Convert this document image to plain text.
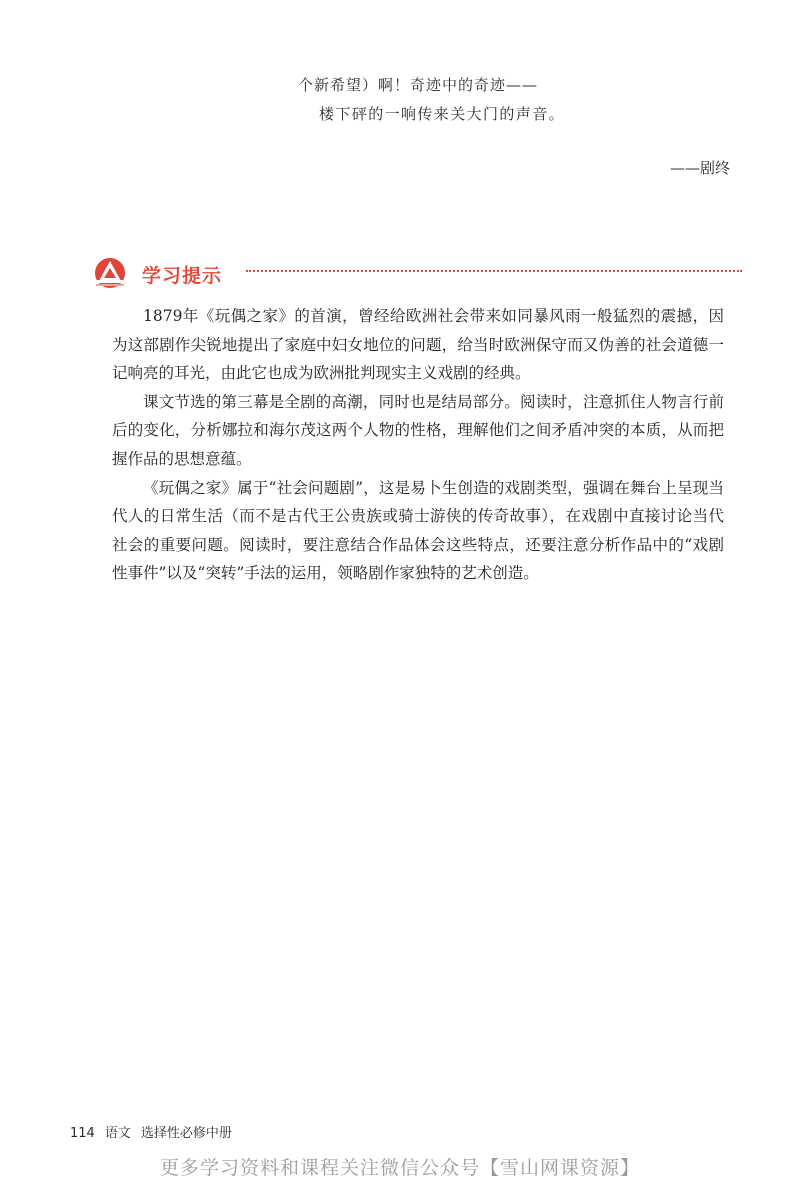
个新希望）啊！奇迹中的奇迹——
楼下砰的一响传来关大门的声音。
——剧终
学习提示

1879年《玩偶之家》的首演，曾经给欧洲社会带来如同暴风雨一般猛烈的震撼，因为这部剧作尖锐地提出了家庭中妇女地位的问题，给当时欧洲保守而又伪善的社会道德一记响亮的耳光，由此它也成为欧洲批判现实主义戏剧的经典。

课文节选的第三幕是全剧的高潮，同时也是结局部分。阅读时，注意抓住人物言行前后的变化，分析娜拉和海尔茂这两个人物的性格，理解他们之间矛盾冲突的本质，从而把握作品的思想意蕴。

《玩偶之家》属于“社会问题剧”，这是易卜生创造的戏剧类型，强调在舞台上呈现当代人的日常生活（而不是古代王公贵族或骑士游侠的传奇故事），在戏剧中直接讨论当代社会的重要问题。阅读时，要注意结合作品体会这些特点，还要注意分析作品中的“戏剧性事件”以及“突转”手法的运用，领略剧作家独特的艺术创造。

114 语文 选择性必修中册
更多学习资料和课程关注微信公众号【雪山网课资源】
